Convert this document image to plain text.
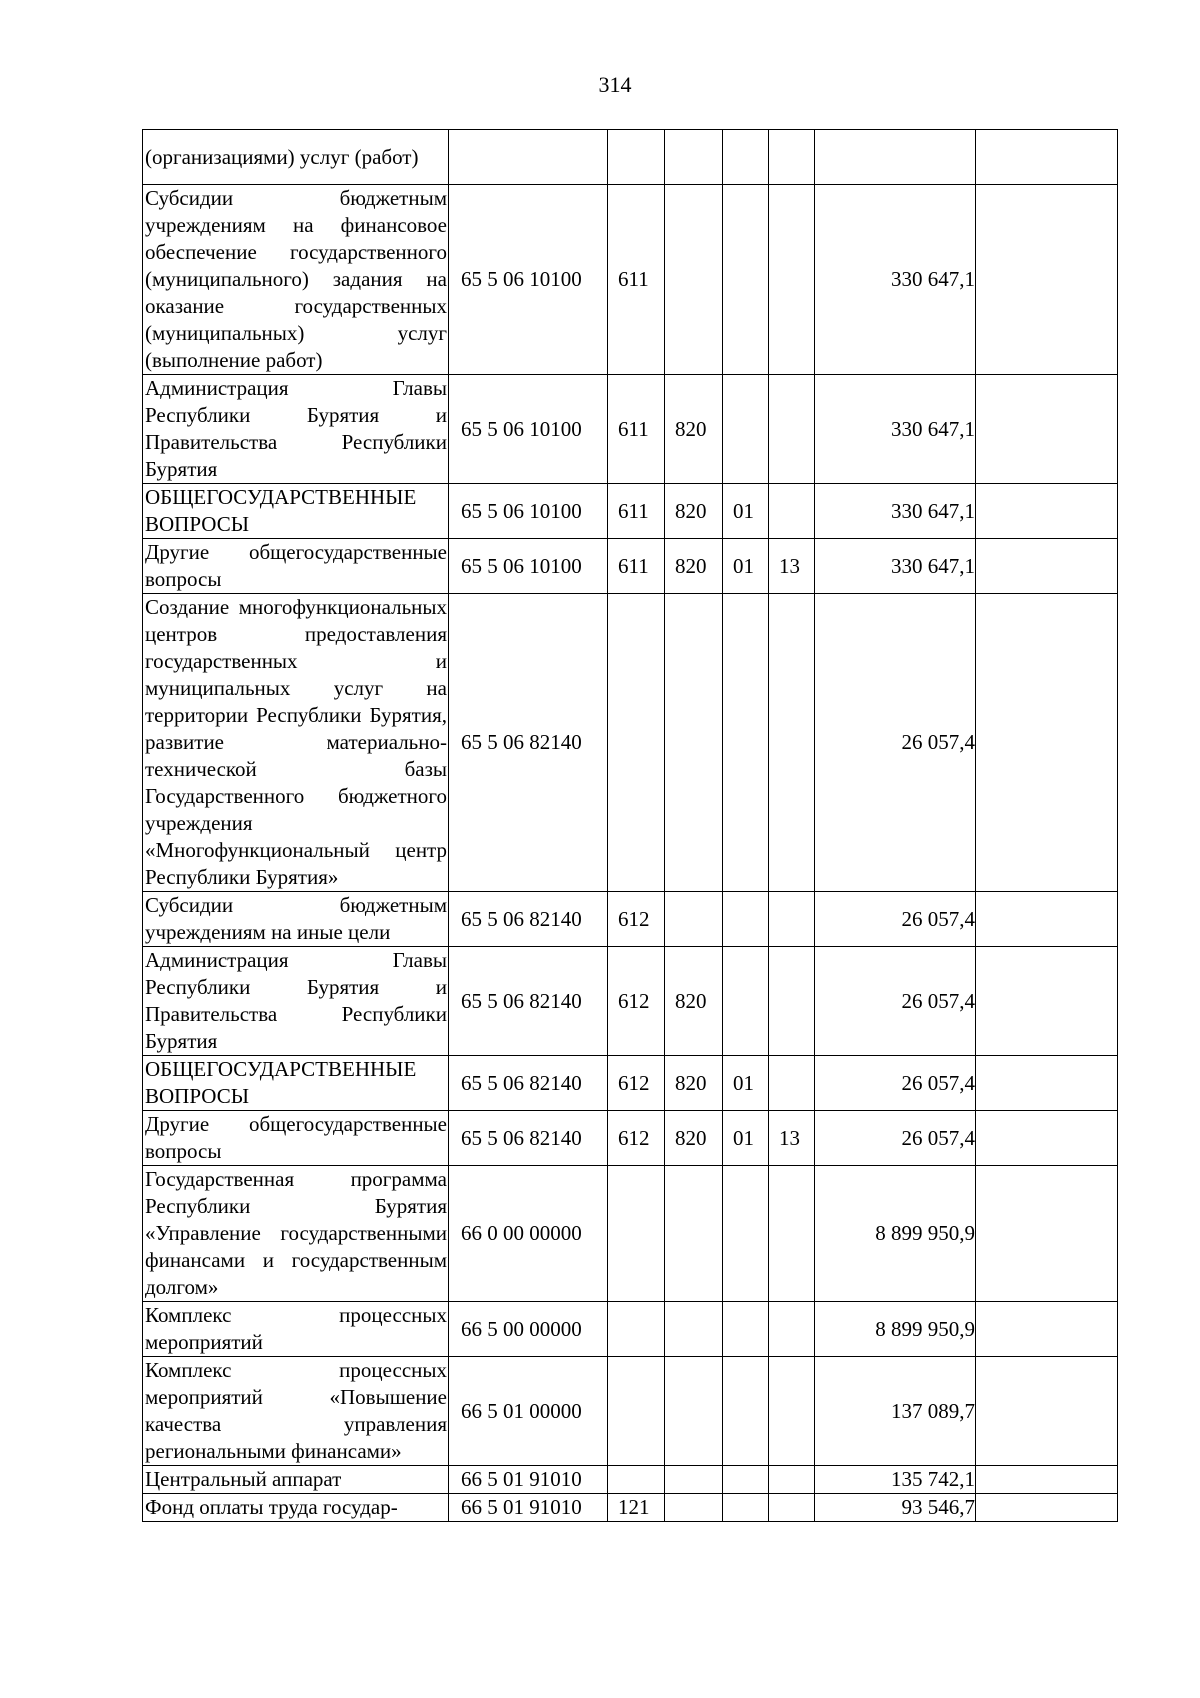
314
(организациями) услуг (работ)							
Субсидии бюджетным учреждениям на финансовое обеспечение государственного (муниципального) задания на оказание государственных (муниципальных) услуг (выполнение работ)	65 5 06 10100	611				330 647,1	
Администрация Главы Республики Бурятия и Правительства Республики Бурятия	65 5 06 10100	611	820			330 647,1	
ОБЩЕГОСУДАРСТВЕННЫЕ ВОПРОСЫ	65 5 06 10100	611	820	01		330 647,1	
Другие общегосударственные вопросы	65 5 06 10100	611	820	01	13	330 647,1	
Создание многофункциональных центров предоставления государственных и муниципальных услуг на территории Республики Бурятия, развитие материально-технической базы Государственного бюджетного учреждения «Многофункциональный центр Республики Бурятия»	65 5 06 82140					26 057,4	
Субсидии бюджетным учреждениям на иные цели	65 5 06 82140	612				26 057,4	
Администрация Главы Республики Бурятия и Правительства Республики Бурятия	65 5 06 82140	612	820			26 057,4	
ОБЩЕГОСУДАРСТВЕННЫЕ ВОПРОСЫ	65 5 06 82140	612	820	01		26 057,4	
Другие общегосударственные вопросы	65 5 06 82140	612	820	01	13	26 057,4	
Государственная программа Республики Бурятия «Управление государственными финансами и государственным долгом»	66 0 00 00000					8 899 950,9	
Комплекс процессных мероприятий	66 5 00 00000					8 899 950,9	
Комплекс процессных мероприятий «Повышение качества управления региональными финансами»	66 5 01 00000					137 089,7	
Центральный аппарат	66 5 01 91010					135 742,1	
Фонд оплаты труда государ-	66 5 01 91010	121				93 546,7	
